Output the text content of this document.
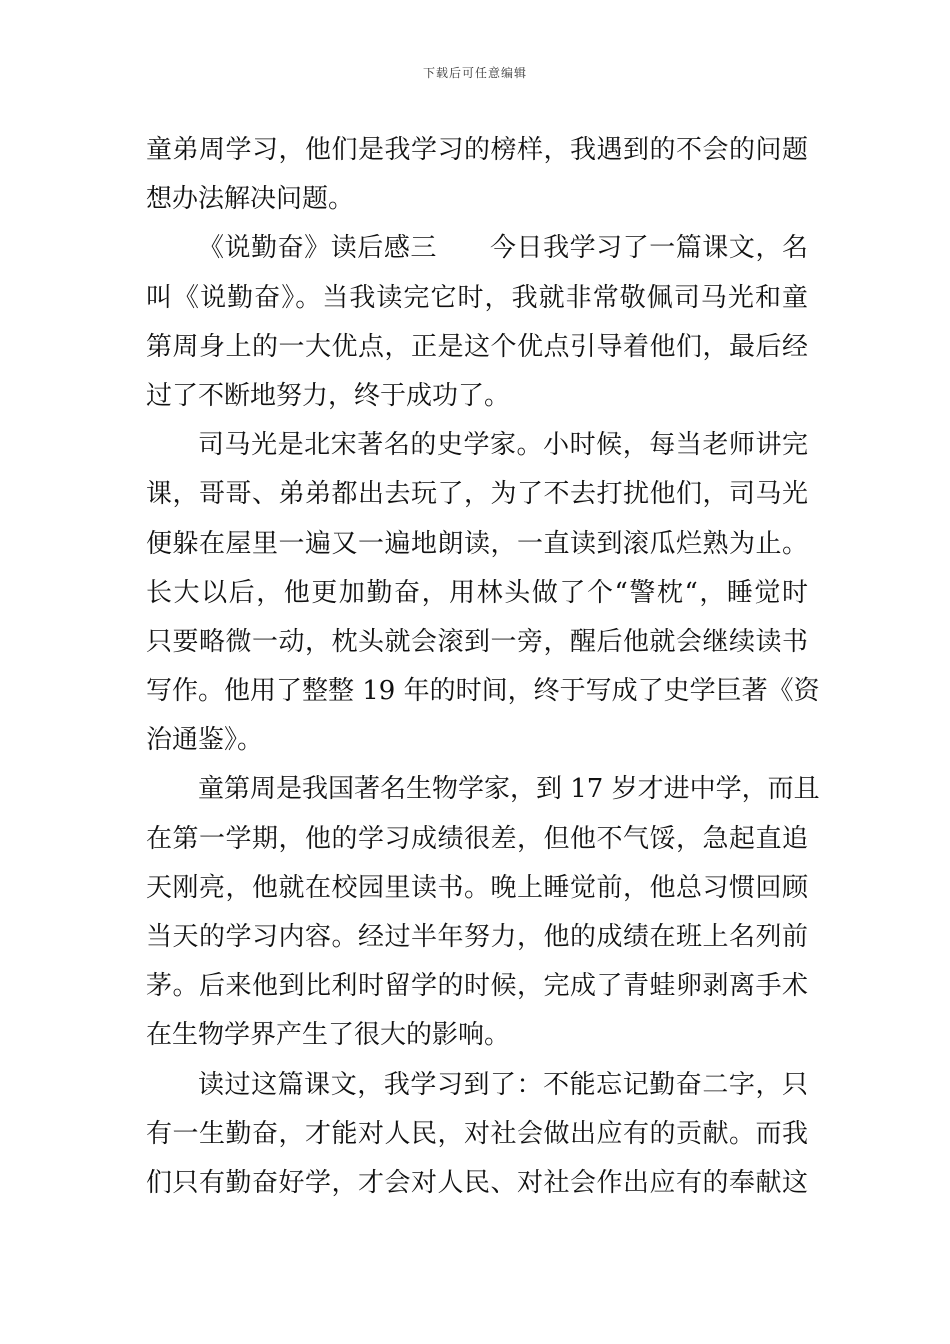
下载后可任意编辑
童弟周学习，他们是我学习的榜样，我遇到的不会的问题
想办法解决问题。
《说勤奋》读后感三　　今日我学习了一篇课文，名
叫《说勤奋》。当我读完它时，我就非常敬佩司马光和童
第周身上的一大优点，正是这个优点引导着他们，最后经
过了不断地努力，终于成功了。
司马光是北宋著名的史学家。小时候，每当老师讲完
课，哥哥、弟弟都出去玩了，为了不去打扰他们，司马光
便躲在屋里一遍又一遍地朗读，一直读到滚瓜烂熟为止。
长大以后，他更加勤奋，用林头做了个“警枕“，睡觉时
只要略微一动，枕头就会滚到一旁，醒后他就会继续读书
写作。他用了整整 19 年的时间，终于写成了史学巨著《资
治通鉴》。
童第周是我国著名生物学家，到 17 岁才进中学，而且
在第一学期，他的学习成绩很差，但他不气馁，急起直追
天刚亮，他就在校园里读书。晚上睡觉前，他总习惯回顾
当天的学习内容。经过半年努力，他的成绩在班上名列前
茅。后来他到比利时留学的时候，完成了青蛙卵剥离手术
在生物学界产生了很大的影响。
读过这篇课文，我学习到了：不能忘记勤奋二字，只
有一生勤奋，才能对人民，对社会做出应有的贡献。而我
们只有勤奋好学，才会对人民、对社会作出应有的奉献这
